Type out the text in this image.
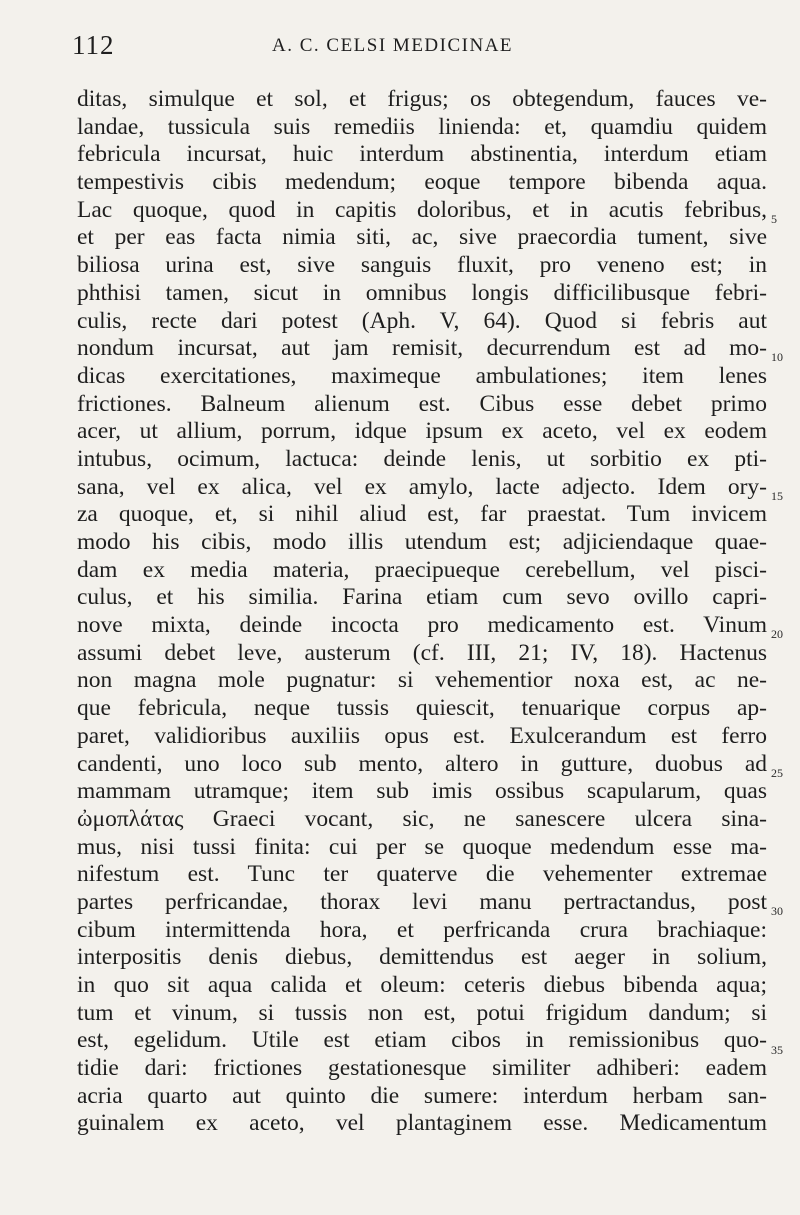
112	A. C. CELSI MEDICINAE
ditas, simulque et sol, et frigus; os obtegendum, fauces ve-
landae, tussicula suis remediis linienda: et, quamdiu quidem
febricula incursat, huic interdum abstinentia, interdum etiam
tempestivis cibis medendum; eoque tempore bibenda aqua.
Lac quoque, quod in capitis doloribus, et in acutis febribus,
et per eas facta nimia siti, ac, sive praecordia tument, sive
biliosa urina est, sive sanguis fluxit, pro veneno est; in
phthisi tamen, sicut in omnibus longis difficilibusque febri-
culis, recte dari potest (Aph. V, 64). Quod si febris aut
nondum incursat, aut jam remisit, decurrendum est ad mo-
dicas exercitationes, maximeque ambulationes; item lenes
frictiones. Balneum alienum est. Cibus esse debet primo
acer, ut allium, porrum, idque ipsum ex aceto, vel ex eodem
intubus, ocimum, lactuca: deinde lenis, ut sorbitio ex pti-
sana, vel ex alica, vel ex amylo, lacte adjecto. Idem ory-
za quoque, et, si nihil aliud est, far praestat. Tum invicem
modo his cibis, modo illis utendum est; adjiciendaque quae-
dam ex media materia, praecipueque cerebellum, vel pisci-
culus, et his similia. Farina etiam cum sevo ovillo capri-
nove mixta, deinde incocta pro medicamento est. Vinum
assumi debet leve, austerum (cf. III, 21; IV, 18). Hactenus
non magna mole pugnatur: si vehementior noxa est, ac ne-
que febricula, neque tussis quiescit, tenuarique corpus ap-
paret, validioribus auxiliis opus est. Exulcerandum est ferro
candenti, uno loco sub mento, altero in gutture, duobus ad
mammam utramque; item sub imis ossibus scapularum, quas
ὠμοπλάτας Graeci vocant, sic, ne sanescere ulcera sina-
mus, nisi tussi finita: cui per se quoque medendum esse ma-
nifestum est. Tunc ter quaterve die vehementer extremae
partes perfricandae, thorax levi manu pertractandus, post
cibum intermittenda hora, et perfricanda crura brachiaque:
interpositis denis diebus, demittendus est aeger in solium,
in quo sit aqua calida et oleum: ceteris diebus bibenda aqua;
tum et vinum, si tussis non est, potui frigidum dandum; si
est, egelidum. Utile est etiam cibos in remissionibus quo-
tidie dari: frictiones gestationesque similiter adhiberi: eadem
acria quarto aut quinto die sumere: interdum herbam san-
guinalem ex aceto, vel plantaginem esse. Medicamentum
5
10
15
20
25
30
35
